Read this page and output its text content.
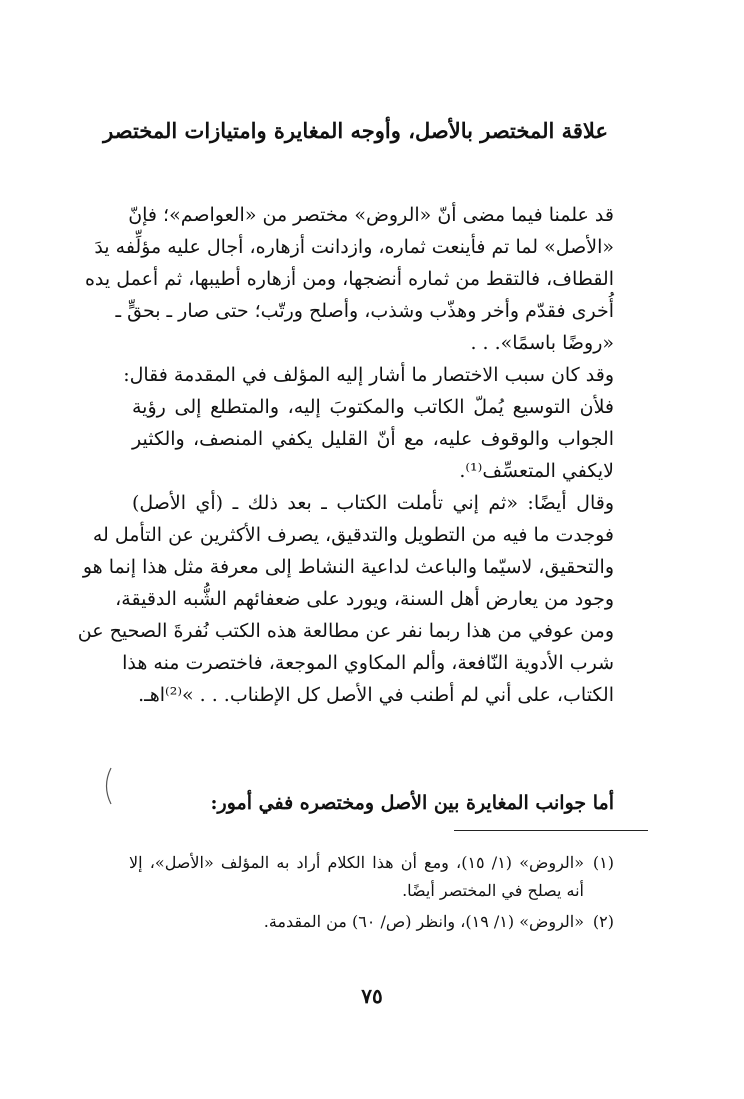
علاقة المختصر بالأصل، وأوجه المغايرة وامتيازات المختصر
قد علمنا فيما مضى أنّ «الروض» مختصر من «العواصم»؛ فإنّ
«الأصل» لما تم فأينعت ثماره، وازدانت أزهاره، أجال عليه مؤلِّفه يدَ
القطاف، فالتقط من ثماره أنضجها، ومن أزهاره أطيبها، ثم أعمل يده
أُخرى فقدّم وأخر وهذّب وشذب، وأصلح ورتّب؛ حتى صار ـ بحقٍّ ـ
«روضًا باسمًا». . .
وقد كان سبب الاختصار ما أشار إليه المؤلف في المقدمة فقال:
فلأن التوسيع يُملّ الكاتب والمكتوبَ إليه، والمتطلع إلى رؤية
الجواب والوقوف عليه، مع أنّ القليل يكفي المنصف، والكثير
لايكفي المتعسِّف⁽¹⁾.
وقال أيضًا: «ثم إني تأملت الكتاب ـ بعد ذلك ـ (أي الأصل)
فوجدت ما فيه من التطويل والتدقيق، يصرف الأكثرين عن التأمل له
والتحقيق، لاسيّما والباعث لداعية النشاط إلى معرفة مثل هذا إنما هو
وجود من يعارض أهل السنة، ويورد على ضعفائهم الشُّبه الدقيقة،
ومن عوفي من هذا ربما نفر عن مطالعة هذه الكتب نُفرةَ الصحيح عن
شرب الأدوية النّافعة، وألم المكاوي الموجعة، فاختصرت منه هذا
الكتاب، على أني لم أطنب في الأصل كل الإطناب. . . »⁽²⁾اهـ.
أما جوانب المغايرة بين الأصل ومختصره ففي أمور:
(١)«الروض» (١/ ١٥)، ومع أن هذا الكلام أراد به المؤلف «الأصل»، إلا
أنه يصلح في المختصر أيضًا.
(٢)«الروض» (١/ ١٩)، وانظر (ص/ ٦٠) من المقدمة.
٧٥
